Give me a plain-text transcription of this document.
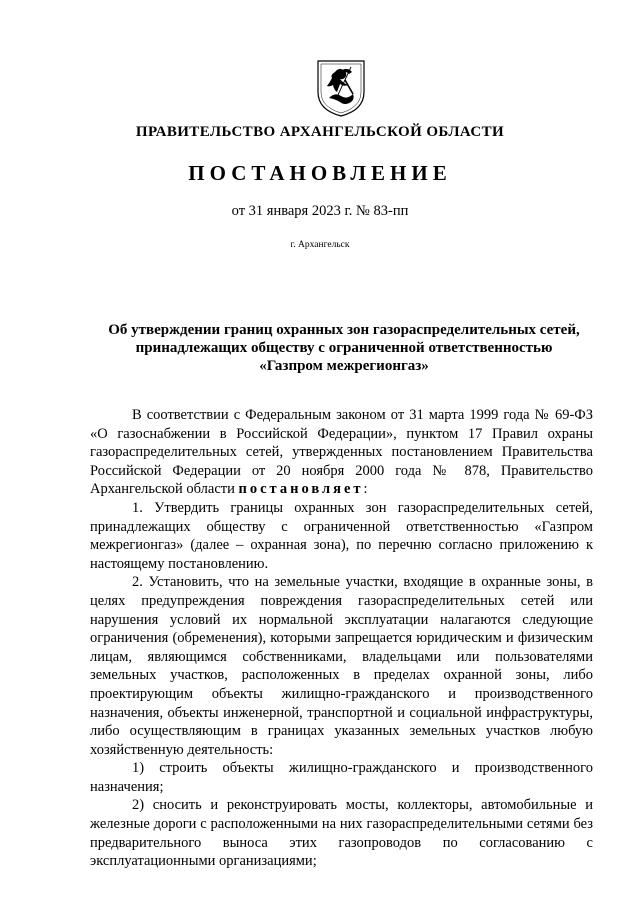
ПРАВИТЕЛЬСТВО АРХАНГЕЛЬСКОЙ ОБЛАСТИ
ПОСТАНОВЛЕНИЕ
от 31 января 2023 г. № 83-пп
г. Архангельск
Об утверждении границ охранных зон газораспределительных сетей,
принадлежащих обществу с ограниченной ответственностью
«Газпром межрегионгаз»

В соответствии с Федеральным законом от 31 марта 1999 года № 69-ФЗ «О газоснабжении в Российской Федерации», пунктом 17 Правил охраны газораспределительных сетей, утвержденных постановлением Правительства Российской Федерации от 20 ноября 2000 года № 878, Правительство Архангельской области постановляет:

1. Утвердить границы охранных зон газораспределительных сетей, принадлежащих обществу с ограниченной ответственностью «Газпром межрегионгаз» (далее – охранная зона), по перечню согласно приложению к настоящему постановлению.

2. Установить, что на земельные участки, входящие в охранные зоны, в целях предупреждения повреждения газораспределительных сетей или нарушения условий их нормальной эксплуатации налагаются следующие ограничения (обременения), которыми запрещается юридическим и физическим лицам, являющимся собственниками, владельцами или пользователями земельных участков, расположенных в пределах охранной зоны, либо проектирующим объекты жилищно-гражданского и производственного назначения, объекты инженерной, транспортной и социальной инфраструктуры, либо осуществляющим в границах указанных земельных участков любую хозяйственную деятельность:

1) строить объекты жилищно-гражданского и производственного назначения;

2) сносить и реконструировать мосты, коллекторы, автомобильные и железные дороги с расположенными на них газораспределительными сетями без предварительного выноса этих газопроводов по согласованию с эксплуатационными организациями;
